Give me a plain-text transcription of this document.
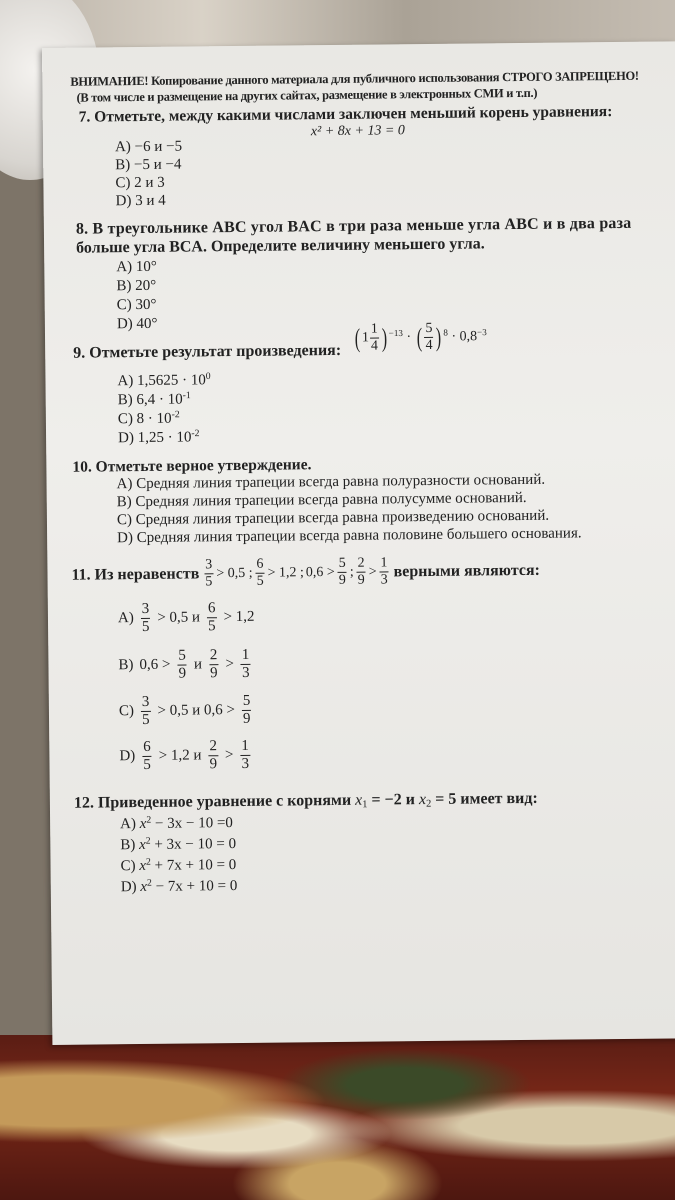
ВНИМАНИЕ! Копирование данного материала для публичного использования СТРОГО ЗАПРЕЩЕНО!
(В том числе и размещение на других сайтах, размещение в электронных СМИ и т.п.)
7. Отметьте, между какими числами заключен меньший корень уравнения:
x² + 8x + 13 = 0
A) −6 и −5
B) −5 и −4
C) 2 и 3
D) 3 и 4
8. В треугольнике ABC угол BAC в три раза меньше угла ABC и в два раза
больше угла BCA. Определите величину меньшего угла.
A) 10°
B) 20°
C) 30°
D) 40°
9. Отметьте результат произведения: ( $1 \frac{1}{4}$ ) $^{-13}$ · ( $\frac{5}{4}$ ) $^8 \cdot 0,8^{-3}$
A) $1,5625 \cdot 10^0$
B) $6,4 \cdot 10^{-1}$
C) $8 \cdot 10^{-2}$
D) $1,25 \cdot 10^{-2}$
10. Отметьте верное утверждение.
A) Средняя линия трапеции всегда равна полуразности оснований.
B) Средняя линия трапеции всегда равна полусумме оснований.
C) Средняя линия трапеции всегда равна произведению оснований.
D) Средняя линия трапеции всегда равна половине большего основания.
11. Из неравенств
3
5
> 0,5 ;
6
5
> 1,2 ; 0,6 >
5
9
;
2
9
>
1
3
верными являются:
A)
3
5
> 0,5 и
6
5
> 1,2
B) 0,6 >
5
9
и
2
9
>
1
3
C)
3
5
> 0,5 и 0,6 >
5
9
D)
6
5
> 1,2 и
2
9
>
1
3
12. Приведенное уравнение с корнями $x_1 = -2$ и $x_2 = 5$ имеет вид:
A) $x^2 - 3x - 10 =0$
B) $x^2 + 3x - 10 = 0$
C) $x^2 + 7x + 10 = 0$
D) $x^2 - 7x + 10 = 0$
